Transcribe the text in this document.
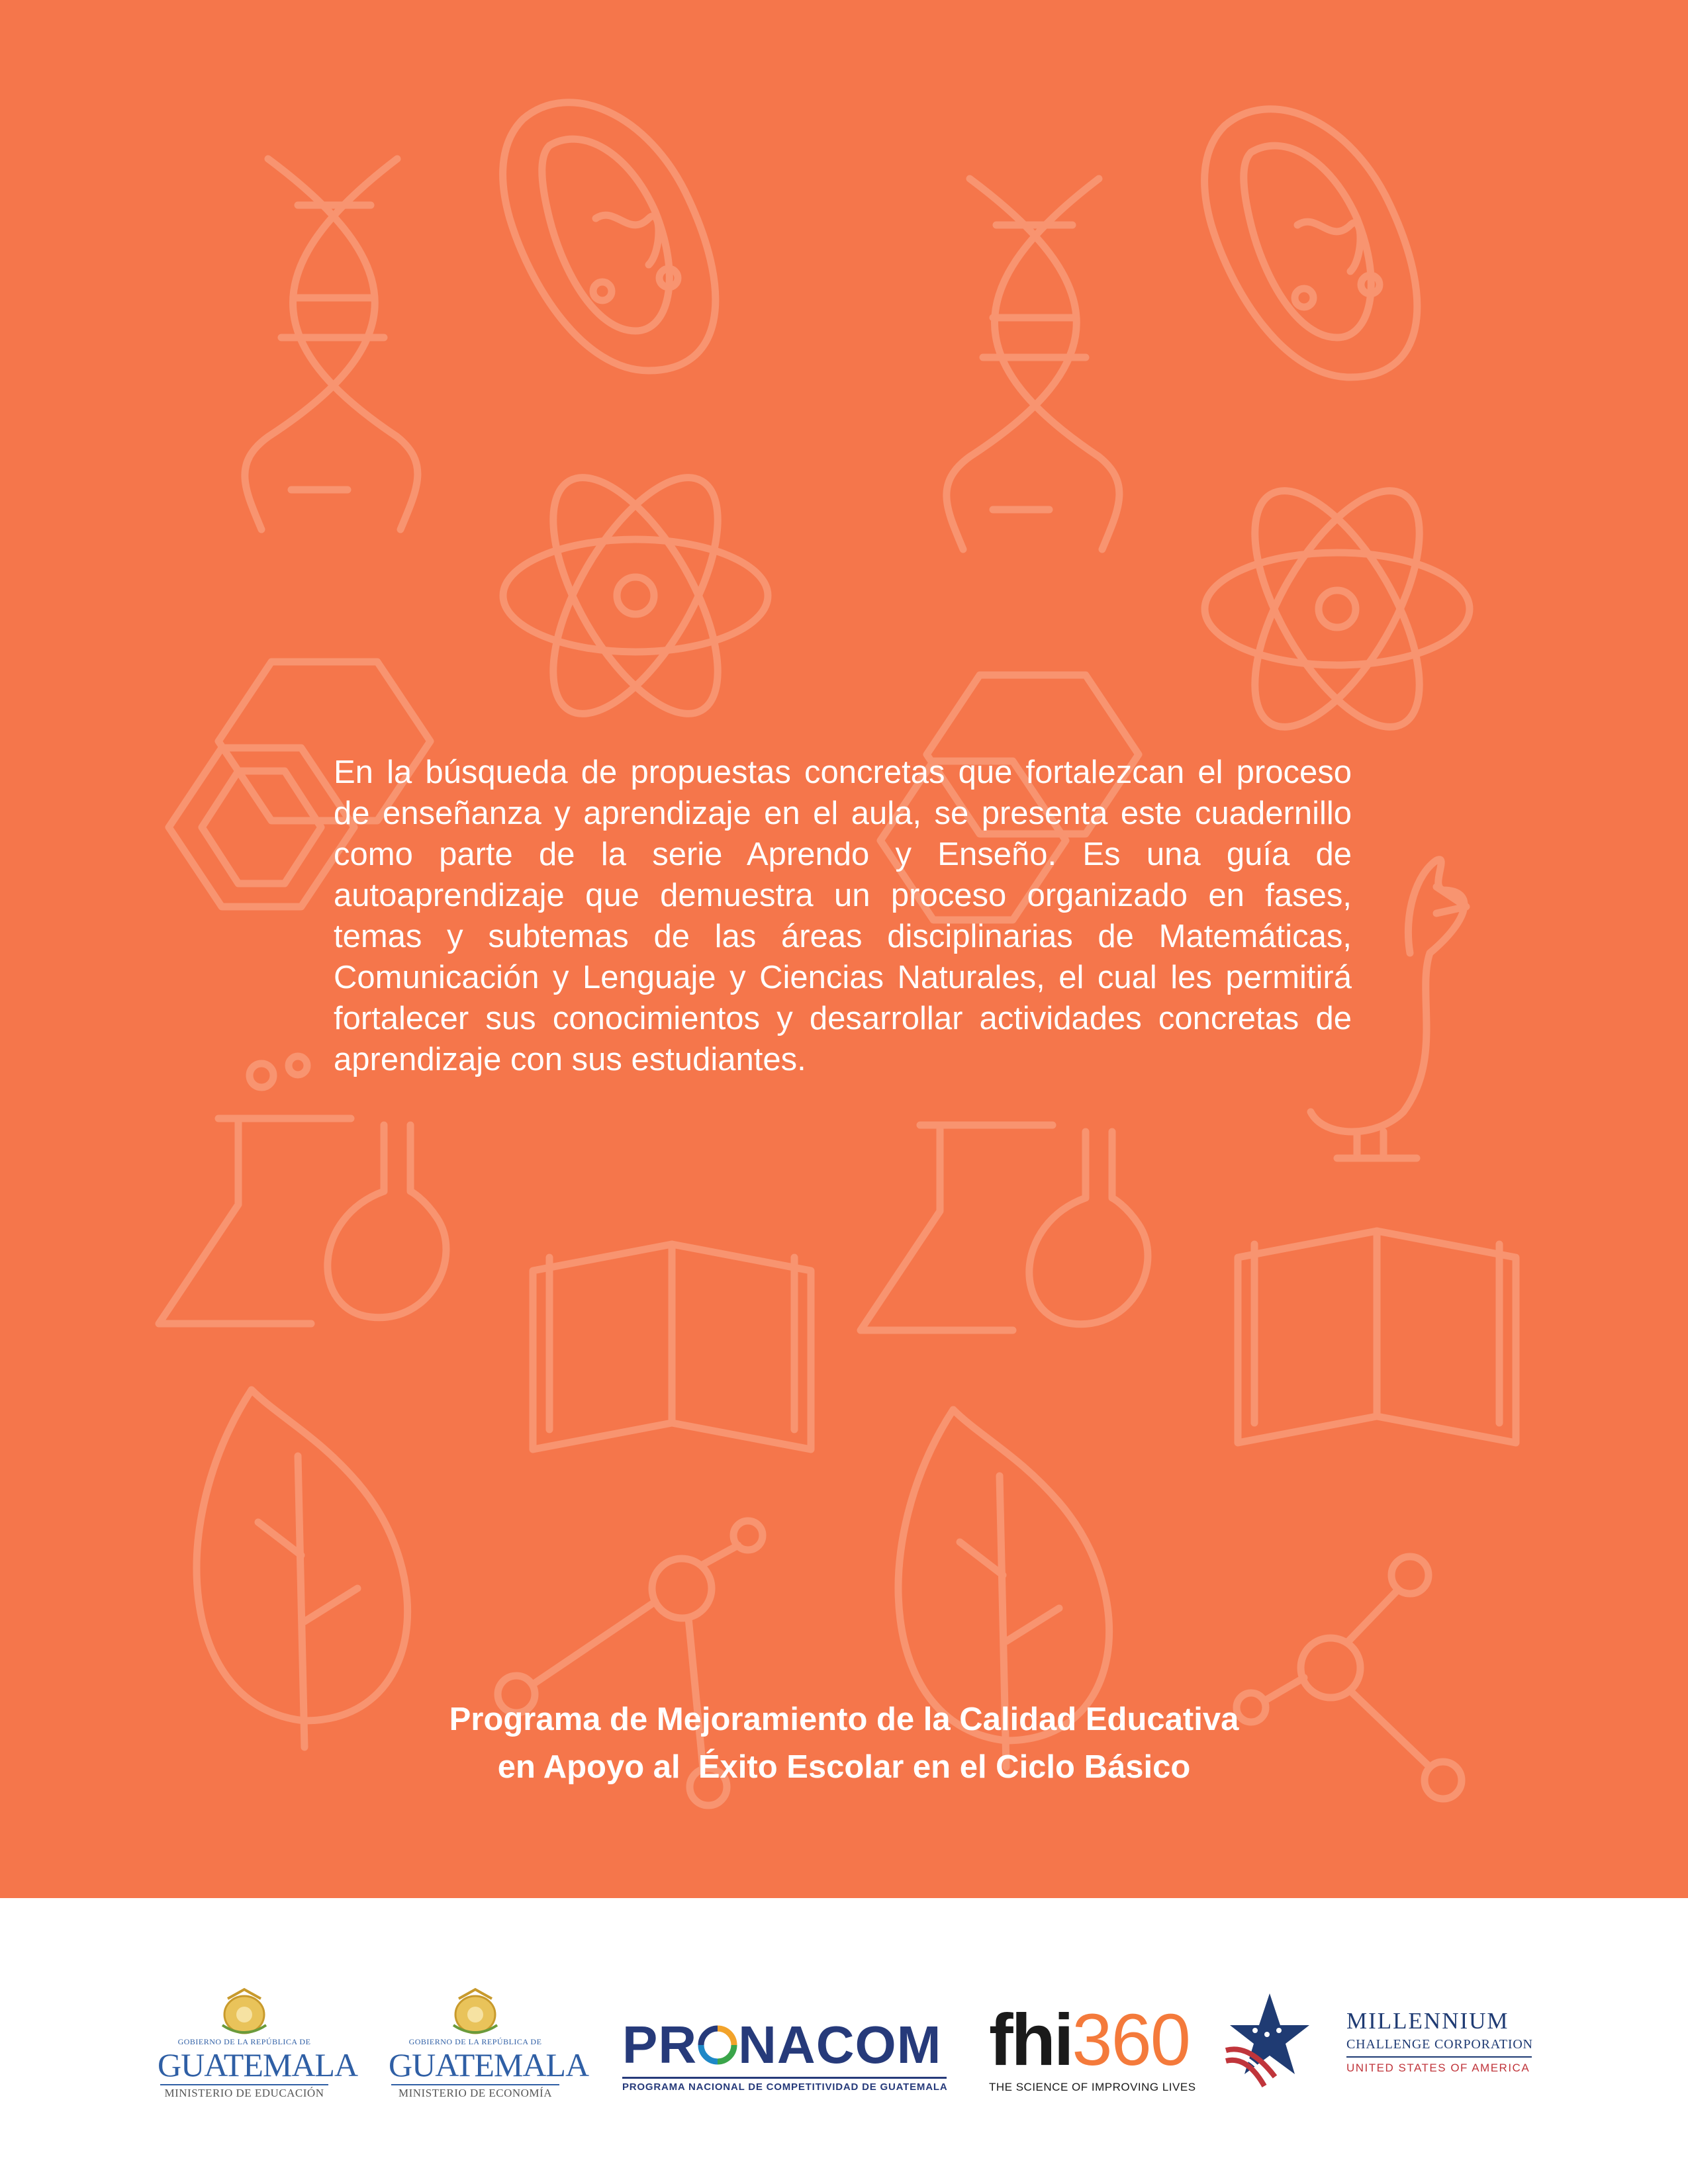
En la búsqueda de propuestas concretas que fortalezcan el proceso de enseñanza y aprendizaje en el aula, se presenta este cuadernillo como parte de la serie Aprendo y Enseño. Es una guía de autoaprendizaje que demuestra un proceso organizado en fases, temas y subtemas de las áreas disciplinarias de Matemáticas, Comunicación y Lenguaje y Ciencias Naturales, el cual les permitirá fortalecer sus conocimientos y desarrollar actividades concretas de aprendizaje con sus estudiantes.

Programa de Mejoramiento de la Calidad Educativa
en Apoyo al  Éxito Escolar en el Ciclo Básico
GOBIERNO DE LA REPÚBLICA DE
GUATEMALA
MINISTERIO DE EDUCACIÓN
GOBIERNO DE LA REPÚBLICA DE
GUATEMALA
MINISTERIO DE ECONOMÍA
PR NACOM
PROGRAMA NACIONAL DE COMPETITIVIDAD DE GUATEMALA
fhi360
THE SCIENCE OF IMPROVING LIVES
MILLENNIUM
CHALLENGE CORPORATION
UNITED STATES OF AMERICA
